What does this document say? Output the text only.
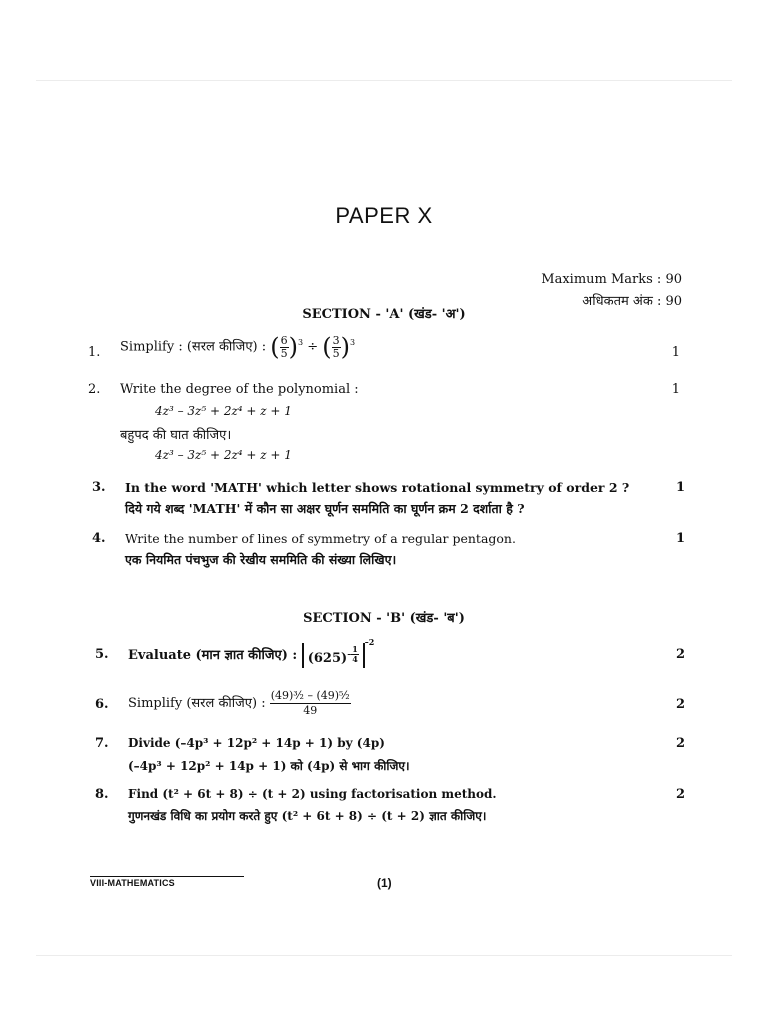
PAPER X
Maximum Marks : 90
अधिकतम अंक : 90
SECTION - 'A' (खंड- 'अ')
1. Simplify : (सरल कीजिए) : ( $\frac{6}{5} )^3$ ÷ ( $\frac{3}{5} )^3$
1
2. Write the degree of the polynomial :
4z³ – 3z⁵ + 2z⁴ + z + 1
बहुपद की घात कीजिए।
4z³ – 3z⁵ + 2z⁴ + z + 1
1
3. In the word 'MATH' which letter shows rotational symmetry of order 2 ?
दिये गये शब्द 'MATH' में कौन सा अक्षर घूर्णन सममिति का घूर्णन क्रम 2 दर्शाता है ?
1
4. Write the number of lines of symmetry of a regular pentagon.
एक नियमित पंचभुज की रेखीय सममिति की संख्या लिखिए।
1
SECTION - 'B' (खंड- 'ब')
5. Evaluate (मान ज्ञात कीजिए) : $(625)^{- \frac{1}{4}}$
$^{-2}$
2
6. Simplify (सरल कीजिए) : $\frac{\text{(49)³⁄₂ – (49)⁵⁄₂}}{49}$	2
7. Divide (–4p³ + 12p² + 14p + 1) by (4p)
(–4p³ + 12p² + 14p + 1) को (4p) से भाग कीजिए।
2
8. Find (t² + 6t + 8) ÷ (t + 2) using factorisation method.
गुणनखंड विधि का प्रयोग करते हुए (t² + 6t + 8) ÷ (t + 2) ज्ञात कीजिए।
2
VIII-MATHEMATICS	(1)
